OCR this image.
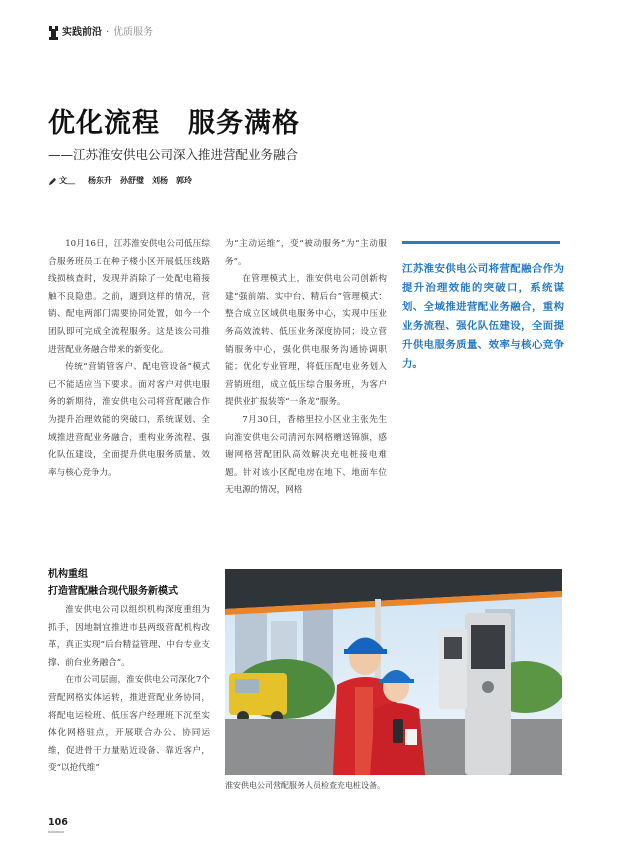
实践前沿 · 优质服务
优化流程　服务满格
——江苏淮安供电公司深入推进营配业务融合
文＿ 杨东升　孙舒璧　刘杨　郭玲

10月16日，江苏淮安供电公司低压综合服务班员工在种子楼小区开展低压线路线损核查时，发现并消除了一处配电箱接触不良隐患。之前，遇到这样的情况，营销、配电两部门需要协同处置，如今一个团队即可完成全流程服务。这是该公司推进营配业务融合带来的新变化。

传统“营销管客户、配电管设备”模式已不能适应当下要求。面对客户对供电服务的新期待，淮安供电公司将营配融合作为提升治理效能的突破口，系统谋划、全域推进营配业务融合，重构业务流程、强化队伍建设，全面提升供电服务质量、效率与核心竞争力。

为“主动运维”，变“被动服务”为“主动服务”。

在管理模式上，淮安供电公司创新构建“强前端、实中台、精后台”管理模式：整合成立区域供电服务中心，实现中压业务高效流转、低压业务深度协同；设立营销服务中心，强化供电服务沟通协调职能；优化专业管理，将低压配电业务划入营销班组，成立低压综合服务班，为客户提供业扩报装等“一条龙”服务。

7月30日，香榕里拉小区业主张先生向淮安供电公司清河东网格赠送锦旗，感谢网格营配团队高效解决充电桩接电难题。针对该小区配电房在地下、地面车位无电源的情况，网格

江苏淮安供电公司将营配融合作为提升治理效能的突破口，系统谋划、全域推进营配业务融合，重构业务流程、强化队伍建设，全面提升供电服务质量、效率与核心竞争力。
机构重组
打造营配融合现代服务新模式

淮安供电公司以组织机构深度重组为抓手，因地制宜推进市县两级营配机构改革，真正实现“后台精益管理、中台专业支撑、前台业务融合”。

在市公司层面，淮安供电公司深化7个营配网格实体运转，推进营配业务协同，将配电运检班、低压客户经理班下沉至实体化网格驻点，开展联合办公、协同运维，促进骨干力量贴近设备、靠近客户，变“以抢代维”

淮安供电公司营配服务人员检查充电桩设备。
106
